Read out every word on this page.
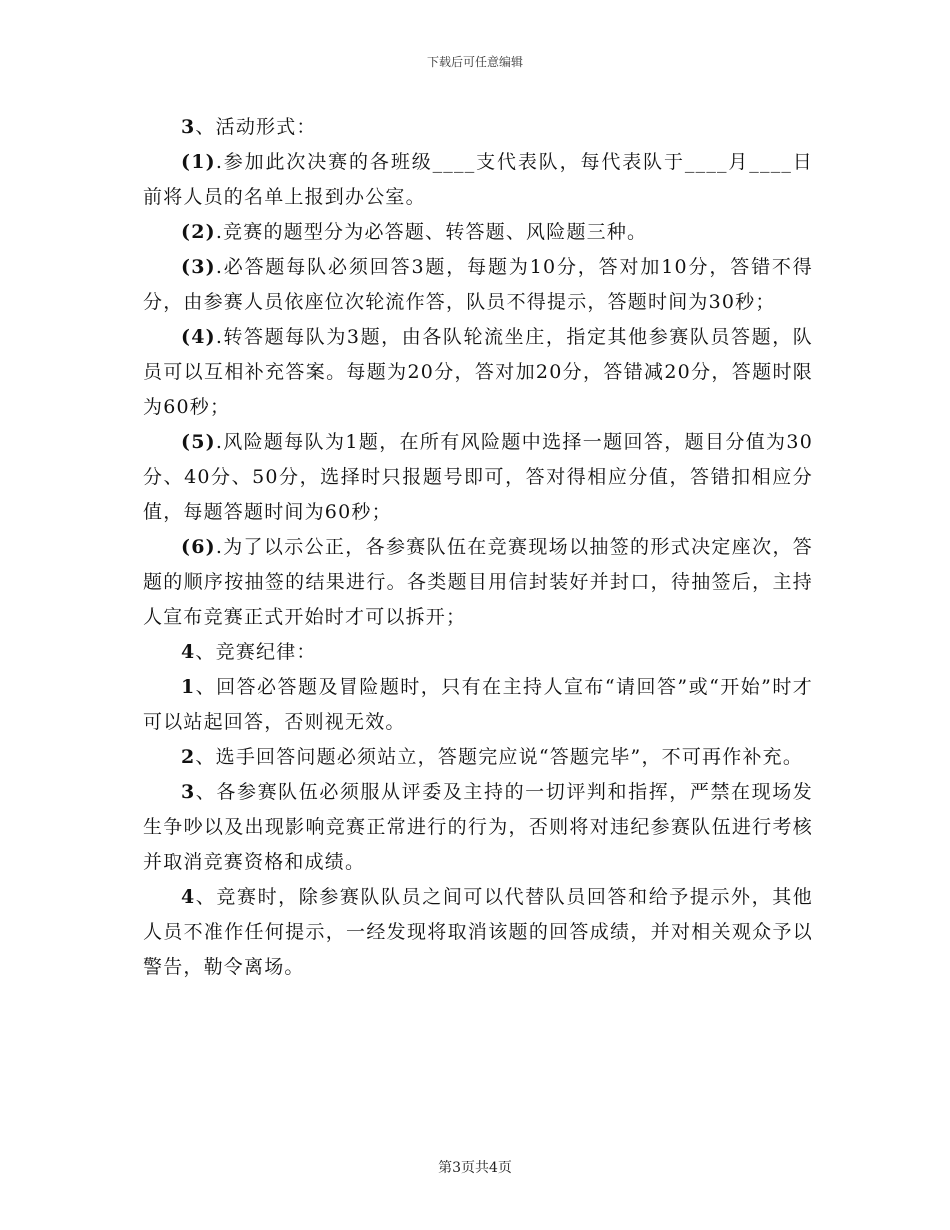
下载后可任意编辑

3、活动形式：

(1).参加此次决赛的各班级____支代表队，每代表队于____月____日前将人员的名单上报到办公室。

(2).竞赛的题型分为必答题、转答题、风险题三种。

(3).必答题每队必须回答3题，每题为10分，答对加10分，答错不得分，由参赛人员依座位次轮流作答，队员不得提示，答题时间为30秒；

(4).转答题每队为3题，由各队轮流坐庄，指定其他参赛队员答题，队员可以互相补充答案。每题为20分，答对加20分，答错减20分，答题时限为60秒；

(5).风险题每队为1题，在所有风险题中选择一题回答，题目分值为30分、40分、50分，选择时只报题号即可，答对得相应分值，答错扣相应分值，每题答题时间为60秒；

(6).为了以示公正，各参赛队伍在竞赛现场以抽签的形式决定座次，答题的顺序按抽签的结果进行。各类题目用信封装好并封口，待抽签后，主持人宣布竞赛正式开始时才可以拆开；

4、竞赛纪律：

1、回答必答题及冒险题时，只有在主持人宣布“请回答”或“开始”时才可以站起回答，否则视无效。

2、选手回答问题必须站立，答题完应说“答题完毕”，不可再作补充。

3、各参赛队伍必须服从评委及主持的一切评判和指挥，严禁在现场发生争吵以及出现影响竞赛正常进行的行为，否则将对违纪参赛队伍进行考核并取消竞赛资格和成绩。

4、竞赛时，除参赛队队员之间可以代替队员回答和给予提示外，其他人员不准作任何提示，一经发现将取消该题的回答成绩，并对相关观众予以警告，勒令离场。

第3页共4页
